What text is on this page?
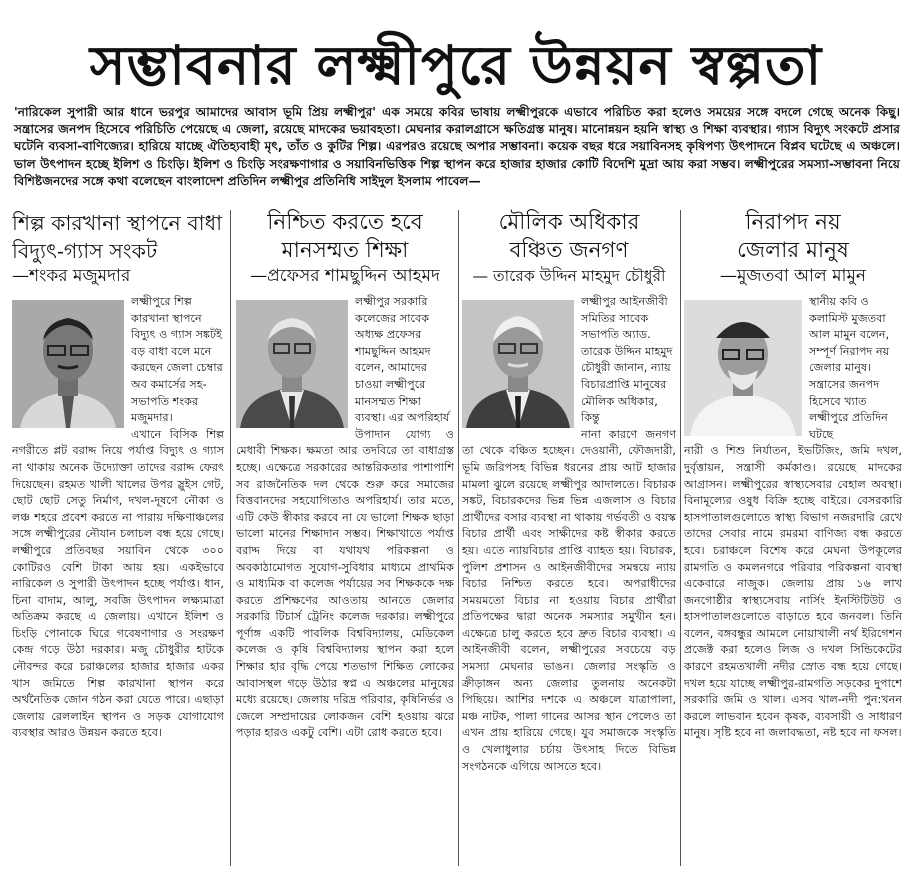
সম্ভাবনার লক্ষ্মীপুরে উন্নয়ন স্বল্পতা
'নারিকেল সুপারী আর ধানে ভরপুর আমাদের আবাস ভূমি প্রিয় লক্ষ্মীপুর' এক সময়ে কবির ভাষায় লক্ষ্মীপুরকে এভাবে পরিচিত করা হলেও সময়ের সঙ্গে বদলে গেছে অনেক কিছু। সন্ত্রাসের জনপদ হিসেবে পরিচিতি পেয়েছে এ জেলা, রয়েছে মাদকের ভয়াবহতা। মেঘনার করালগ্রাসে ক্ষতিগ্রস্ত মানুষ। মানোন্নয়ন হয়নি স্বাস্থ্য ও শিক্ষা ব্যবস্থার। গ্যাস বিদ্যুৎ সংকটে প্রসার ঘটেনি ব্যবসা-বাণিজ্যের। হারিয়ে যাচ্ছে ঐতিহ্যবাহী মৃৎ, তাঁত ও কুটির শিল্প। এরপরও রয়েছে অপার সম্ভাবনা। কয়েক বছর ধরে সয়াবিনসহ কৃষিপণ্য উৎপাদনে বিপ্লব ঘটেছে এ অঞ্চলে। ভাল উৎপাদন হচ্ছে ইলিশ ও চিংড়ি। ইলিশ ও চিংড়ি সংরক্ষণাগার ও সয়াবিনভিত্তিক শিল্প স্থাপন করে হাজার হাজার কোটি বিদেশি মুদ্রা আয় করা সম্ভব। লক্ষ্মীপুরের সমস্যা-সম্ভাবনা নিয়ে বিশিষ্টজনদের সঙ্গে কথা বলেছেন বাংলাদেশ প্রতিদিন লক্ষ্মীপুর প্রতিনিধি সাইদুল ইসলাম পাবেল—
শিল্প কারখানা স্থাপনে বাধা
বিদ্যুৎ-গ্যাস সংকট
—শংকর মজুমদার

লক্ষ্মীপুরে শিল্প কারখানা স্থাপনে বিদ্যুৎ ও গ্যাস সঙ্কটই বড় বাধা বলে মনে করছেন জেলা চেম্বার অব কমার্সের সহ-সভাপতি শংকর মজুমদার।

এখানে বিসিক শিল্প নগরীতে প্লট বরাদ্দ নিয়ে পর্যাপ্ত বিদ্যুৎ ও গ্যাস না থাকায় অনেক উদ্যোক্তা তাদের বরাদ্দ ফেরৎ দিয়েছেন। রহমত খালী খালের উপর স্লুইস গেট, ছোট ছোট সেতু নির্মাণ, দখল-দূষণে নৌকা ও লঞ্চ শহরে প্রবেশ করতে না পারায় দক্ষিণাঞ্চলের সঙ্গে লক্ষ্মীপুরের নৌযান চলাচল বন্ধ হয়ে গেছে। লক্ষ্মীপুরে প্রতিবছর সয়াবিন থেকে ৩০০ কোটিরও বেশি টাকা আয় হয়। একইভাবে নারিকেল ও সুপারী উৎপাদন হচ্ছে পর্যাপ্ত। ধান, চিনা বাদাম, আলু, সবজি উৎপাদন লক্ষ্যমাত্রা অতিক্রম করছে এ জেলায়। এখানে ইলিশ ও চিংড়ি পোনাকে ঘিরে গবেষণাগার ও সংরক্ষণ কেন্দ্র গড়ে উঠা দরকার। মজু চৌধুরীর হাটকে নৌবন্দর করে চরাঞ্চলের হাজার হাজার একর খাস জমিতে শিল্প কারখানা স্থাপন করে অর্থনৈতিক জোন গঠন করা যেতে পারে। এছাড়া জেলায় রেললাইন স্থাপন ও সড়ক যোগাযোগ ব্যবস্থার আরও উন্নয়ন করতে হবে।

নিশ্চিত করতে হবে
মানসম্মত শিক্ষা
—প্রফেসর শামছুদ্দিন আহমদ

লক্ষ্মীপুর সরকারি কলেজের সাবেক অধ্যক্ষ প্রফেসর শামছুদ্দিন আহমদ বলেন, আমাদের চাওয়া লক্ষ্মীপুরে মানসম্মত শিক্ষা ব্যবস্থা। এর অপরিহার্য

উপাদান যোগ্য ও মেধাবী শিক্ষক। ক্ষমতা আর তদবিরে তা বাধাগ্রস্ত হচ্ছে। এক্ষেত্রে সরকারের আন্তরিকতার পাশাপাশি সব রাজনৈতিক দল থেকে শুরু করে সমাজের বিত্তবানদের সহযোগিতাও অপরিহার্য। তার মতে, এটি কেউ স্বীকার করবে না যে ভালো শিক্ষক ছাড়া ভালো মানের শিক্ষাদান সম্ভব। শিক্ষাখাতে পর্যাপ্ত বরাদ্দ দিয়ে বা যথাযথ পরিকল্পনা ও অবকাঠামোগত সুযোগ-সুবিধার মাধ্যমে প্রাথমিক ও মাধ্যমিক বা কলেজ পর্যায়ের সব শিক্ষককে দক্ষ করতে প্রশিক্ষণের আওতায় আনতে জেলার সরকারি টিচার্স ট্রেনিং কলেজ দরকার। লক্ষ্মীপুরে পূর্ণাঙ্গ একটি পাবলিক বিশ্ববিদ্যালয়, মেডিকেল কলেজ ও কৃষি বিশ্ববিদ্যালয় স্থাপন করা হলে শিক্ষার হার বৃদ্ধি পেয়ে শতভাগ শিক্ষিত লোকের আবাসস্থল গড়ে উঠার স্বপ্ন এ অঞ্চলের মানুষের মধ্যে রয়েছে। জেলায় দরিদ্র পরিবার, কৃষিনির্ভর ও জেলে সম্প্রদায়ের লোকজন বেশি হওয়ায় ঝরে পড়ার হারও একটু বেশি। এটা রোধ করতে হবে।

মৌলিক অধিকার
বঞ্চিত জনগণ
— তারেক উদ্দিন মাহমুদ চৌধুরী

লক্ষ্মীপুর আইনজীবী সমিতির সাবেক সভাপতি অ্যাড. তারেক উদ্দিন মাহমুদ চৌধুরী জানান, ন্যায় বিচারপ্রাপ্তি মানুষের মৌলিক অধিকার, কিন্তু

নানা কারণে জনগণ তা থেকে বঞ্চিত হচ্ছেন। দেওয়ানী, ফৌজদারী, ভূমি জরিপসহ বিভিন্ন ধরনের প্রায় আট হাজার মামলা ঝুলে রয়েছে লক্ষ্মীপুর আদালতে। বিচারক সঙ্কট, বিচারকদের ভিন্ন ভিন্ন এজলাস ও বিচার প্রার্থীদের বসার ব্যবস্থা না থাকায় গর্ভবতী ও বয়স্ক বিচার প্রার্থী এবং সাক্ষীদের কষ্ট স্বীকার করতে হয়। এতে ন্যায়বিচার প্রাপ্তি ব্যাহত হয়। বিচারক, পুলিশ প্রশাসন ও আইনজীবীদের সমন্বয়ে ন্যায় বিচার নিশ্চিত করতে হবে। অপরাধীদের সময়মতো বিচার না হওয়ায় বিচার প্রার্থীরা প্রতিপক্ষের দ্বারা অনেক সমস্যার সমুখীন হন। এক্ষেত্রে চালু করতে হবে দ্রুত বিচার ব্যবস্থা। এ আইনজীবী বলেন, লক্ষ্মীপুরের সবচেয়ে বড় সমস্যা মেঘনার ভাঙন। জেলার সংস্কৃতি ও ক্রীড়াঙ্গন অন্য জেলার তুলনায় অনেকটা পিছিয়ে। আশির দশকে এ অঞ্চলে যাত্রাপালা, মঞ্চ নাটক, পালা গানের আসর স্থান পেলেও তা এখন প্রায় হারিয়ে গেছে। যুব সমাজকে সংস্কৃতি ও খেলাধুলার চর্চায় উৎসাহ দিতে বিভিন্ন সংগঠনকে এগিয়ে আসতে হবে।

নিরাপদ নয়
জেলার মানুষ
—মুজতবা আল মামুন

স্থানীয় কবি ও কলামিস্ট মুজতবা আল মামুন বলেন, সম্পূর্ণ নিরাপদ নয় জেলার মানুষ। সন্ত্রাসের জনপদ হিসেবে খ্যাত লক্ষ্মীপুরে প্রতিদিন ঘটছে

নারী ও শিশু নির্যাতন, ইভটিজিং, জমি দখল, দুর্বৃত্তায়ন, সন্ত্রাসী কর্মকাণ্ড। রয়েছে মাদকের আগ্রাসন। লক্ষ্মীপুরের স্বাস্থ্যসেবার বেহাল অবস্থা। বিনামূল্যের ওষুধ বিক্রি হচ্ছে বাইরে। বেসরকারি হাসপাতালগুলোতে স্বাস্থ্য বিভাগ নজরদারি রেখে তাদের সেবার নামে রমরমা বাণিজ্য বন্ধ করতে হবে। চরাঞ্চলে বিশেষ করে মেঘনা উপকূলের রামগতি ও কমলনগরে পরিবার পরিকল্পনা ব্যবস্থা একেবারে নাজুক। জেলায় প্রায় ১৬ লাখ জনগোষ্ঠীর স্বাস্থ্যসেবায় নার্সিং ইনস্টিটিউট ও হাসপাতালগুলোতে বাড়াতে হবে জনবল। তিনি বলেন, বঙ্গবন্ধুর আমলে নোয়াখালী নর্থ ইরিগেশন প্রজেক্ট করা হলেও লিজ ও দখল সিন্ডিকেটের কারণে রহমতখালী নদীর স্রোত বন্ধ হয়ে গেছে। দখল হয়ে যাচ্ছে লক্ষ্মীপুর-রামগতি সড়কের দুপাশে সরকারি জমি ও খাল। এসব খাল-নদী পুন:খনন করলে লাভবান হবেন কৃষক, ব্যবসায়ী ও সাধারণ মানুষ। সৃষ্টি হবে না জলাবদ্ধতা, নষ্ট হবে না ফসল।
